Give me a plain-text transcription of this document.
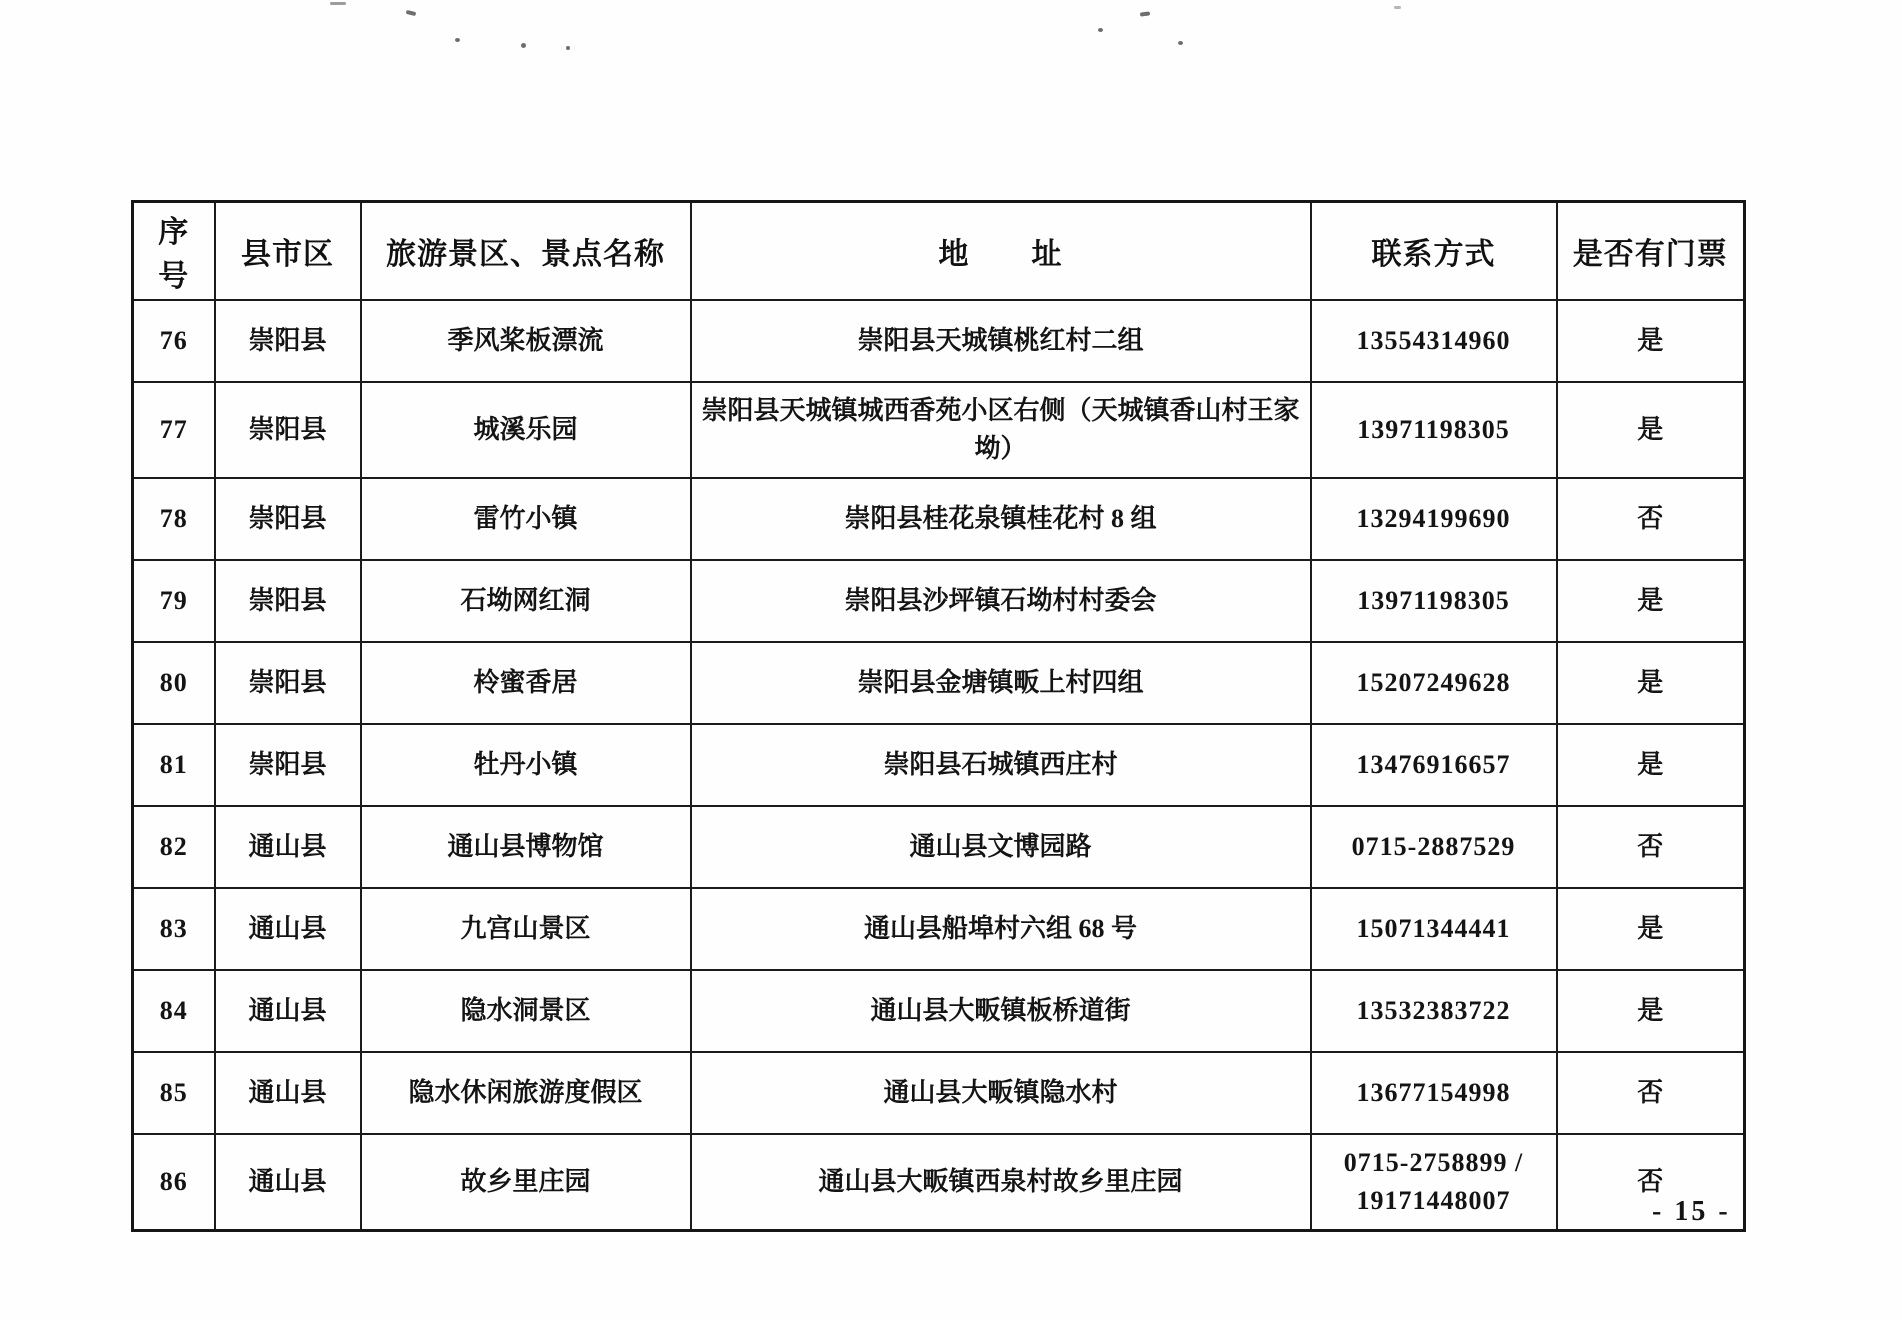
序号	县市区	旅游景区、景点名称	地　　址	联系方式	是否有门票
76	崇阳县	季风桨板漂流	崇阳县天城镇桃红村二组	13554314960	是
77	崇阳县	城溪乐园	崇阳县天城镇城西香苑小区右侧（天城镇香山村王家坳）	13971198305	是
78	崇阳县	雷竹小镇	崇阳县桂花泉镇桂花村 8 组	13294199690	否
79	崇阳县	石坳网红洞	崇阳县沙坪镇石坳村村委会	13971198305	是
80	崇阳县	柃蜜香居	崇阳县金塘镇畈上村四组	15207249628	是
81	崇阳县	牡丹小镇	崇阳县石城镇西庄村	13476916657	是
82	通山县	通山县博物馆	通山县文博园路	0715-2887529	否
83	通山县	九宫山景区	通山县船埠村六组 68 号	15071344441	是
84	通山县	隐水洞景区	通山县大畈镇板桥道街	13532383722	是
85	通山县	隐水休闲旅游度假区	通山县大畈镇隐水村	13677154998	否
86	通山县	故乡里庄园	通山县大畈镇西泉村故乡里庄园	0715-2758899 / 19171448007	否
- 15 -
